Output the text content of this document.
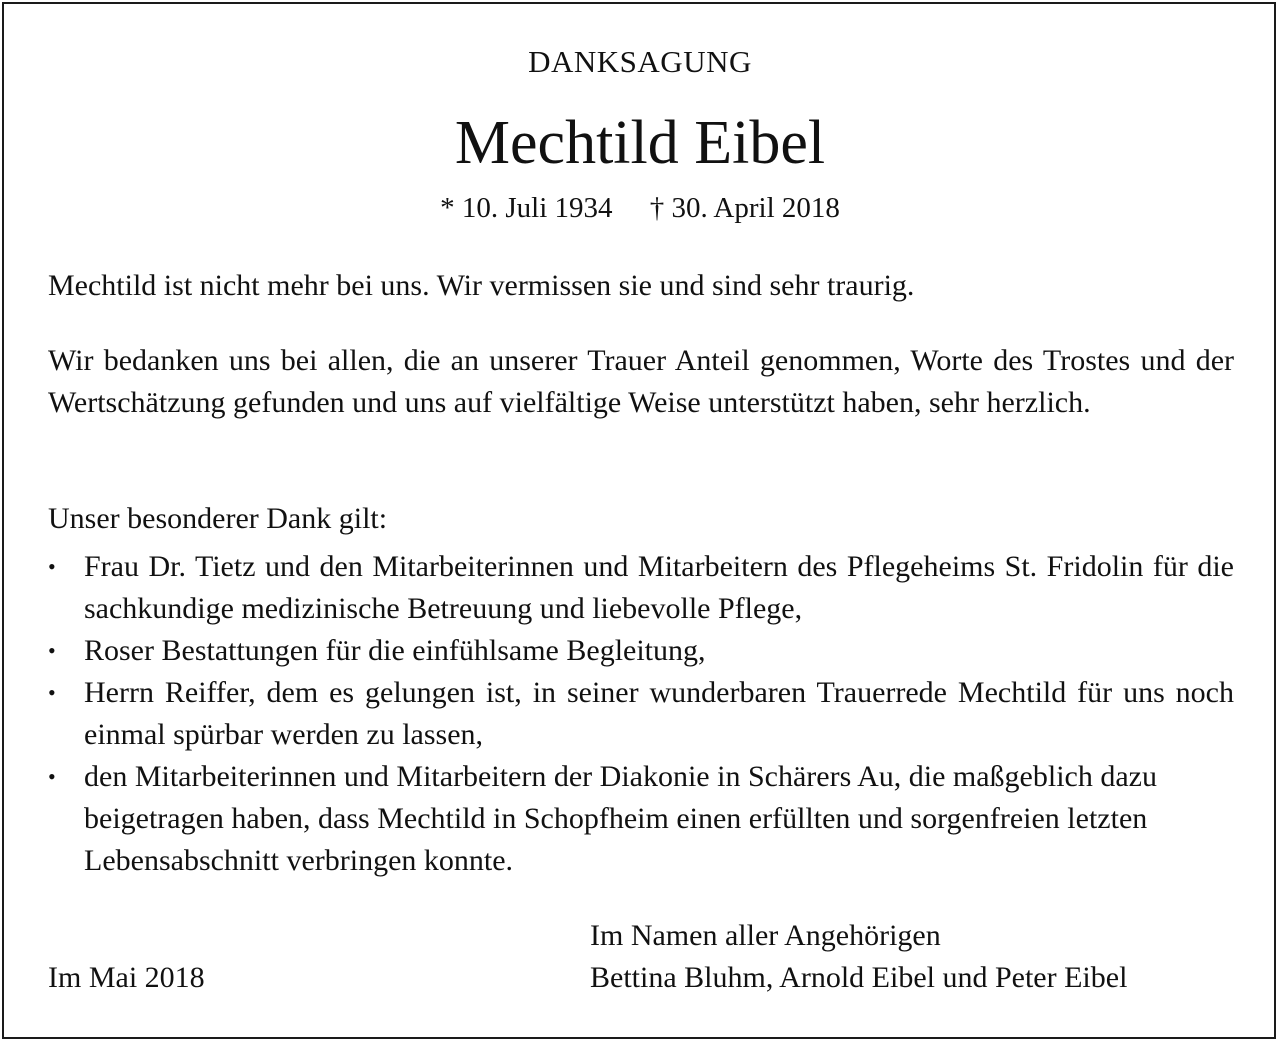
DANKSAGUNG
Mechtild Eibel
* 10. Juli 1934 † 30. April 2018

Mechtild ist nicht mehr bei uns. Wir vermissen sie und sind sehr traurig.

Wir bedanken uns bei allen, die an unserer Trauer Anteil genommen, Worte des Trostes und der Wertschätzung gefunden und uns auf vielfältige Weise unterstützt haben, sehr herzlich.

Unser besonderer Dank gilt:

• Frau Dr. Tietz und den Mitarbeiterinnen und Mitarbeitern des Pflegeheims St. Fridolin für die sachkundige medizinische Betreuung und liebevolle Pflege,
• Roser Bestattungen für die einfühlsame Begleitung,
• Herrn Reiffer, dem es gelungen ist, in seiner wunderbaren Trauerrede Mechtild für uns noch einmal spürbar werden zu lassen,
• den Mitarbeiterinnen und Mitarbeitern der Diakonie in Schärers Au, die maßgeblich dazu beigetragen haben, dass Mechtild in Schopfheim einen erfüllten und sorgenfreien letzten Lebensabschnitt verbringen konnte.
Im Mai 2018
Im Namen aller Angehörigen
Bettina Bluhm, Arnold Eibel und Peter Eibel
